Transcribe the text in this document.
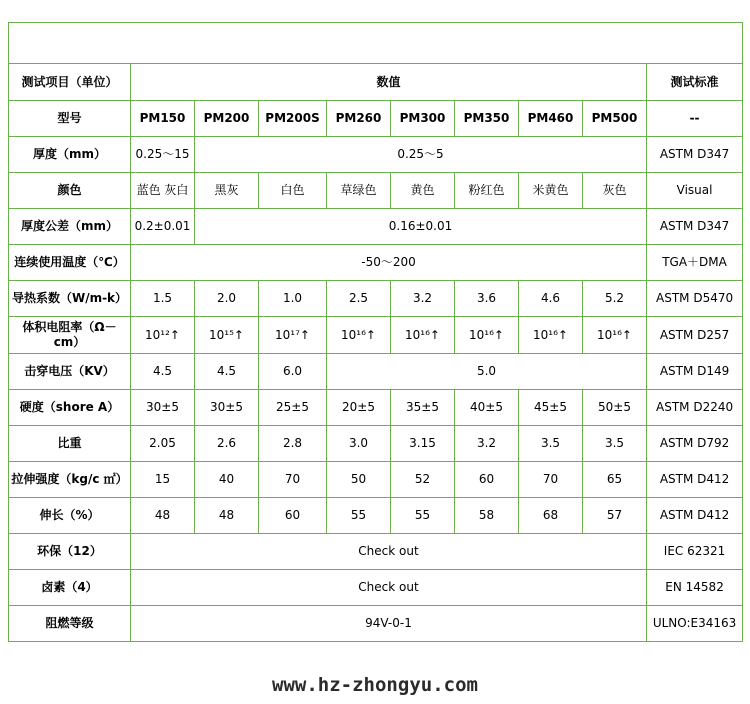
产品性能参数表									
测试项目（单位）	数值								测试标准
型号	PM150	PM200	PM200S	PM260	PM300	PM350	PM460	PM500	--
厚度（mm）	0.25～15	0.25～5							ASTM D347
颜色	蓝色 灰白	黑灰	白色	草绿色	黄色	粉红色	米黄色	灰色	Visual
厚度公差（mm）	0.2±0.01	0.16±0.01							ASTM D347
连续使用温度（℃）	-50～200								TGA＋DMA
导热系数（W/m-k）	1.5	2.0	1.0	2.5	3.2	3.6	4.6	5.2	ASTM D5470
体积电阻率（Ω－cm）	10¹²↑	10¹⁵↑	10¹⁷↑	10¹⁶↑	10¹⁶↑	10¹⁶↑	10¹⁶↑	10¹⁶↑	ASTM D257
击穿电压（KV）	4.5	4.5	6.0	5.0					ASTM D149
硬度（shore A）	30±5	30±5	25±5	20±5	35±5	40±5	45±5	50±5	ASTM D2240
比重	2.05	2.6	2.8	3.0	3.15	3.2	3.5	3.5	ASTM D792
拉伸强度（kg/c ㎡）	15	40	70	50	52	60	70	65	ASTM D412
伸长（%）	48	48	60	55	55	58	68	57	ASTM D412
环保（12）	Check out								IEC 62321
卤素（4）	Check out								EN 14582
阻燃等级	94V-0-1								ULNO:E34163
www.hz-zhongyu.com
